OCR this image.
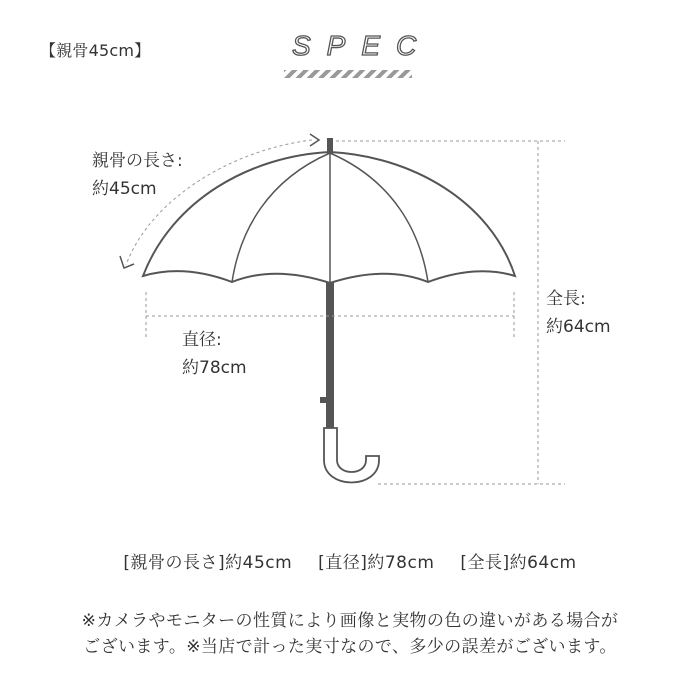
【親骨45cm】	SPEC
親骨の長さ:
約45cm
直径:
約78cm
全長:
約64cm
[親骨の長さ]約45cm [直径]約78cm [全長]約64cm
※カメラやモニターの性質により画像と実物の色の違いがある場合が
ございます。※当店で計った実寸なので、多少の誤差がございます。
